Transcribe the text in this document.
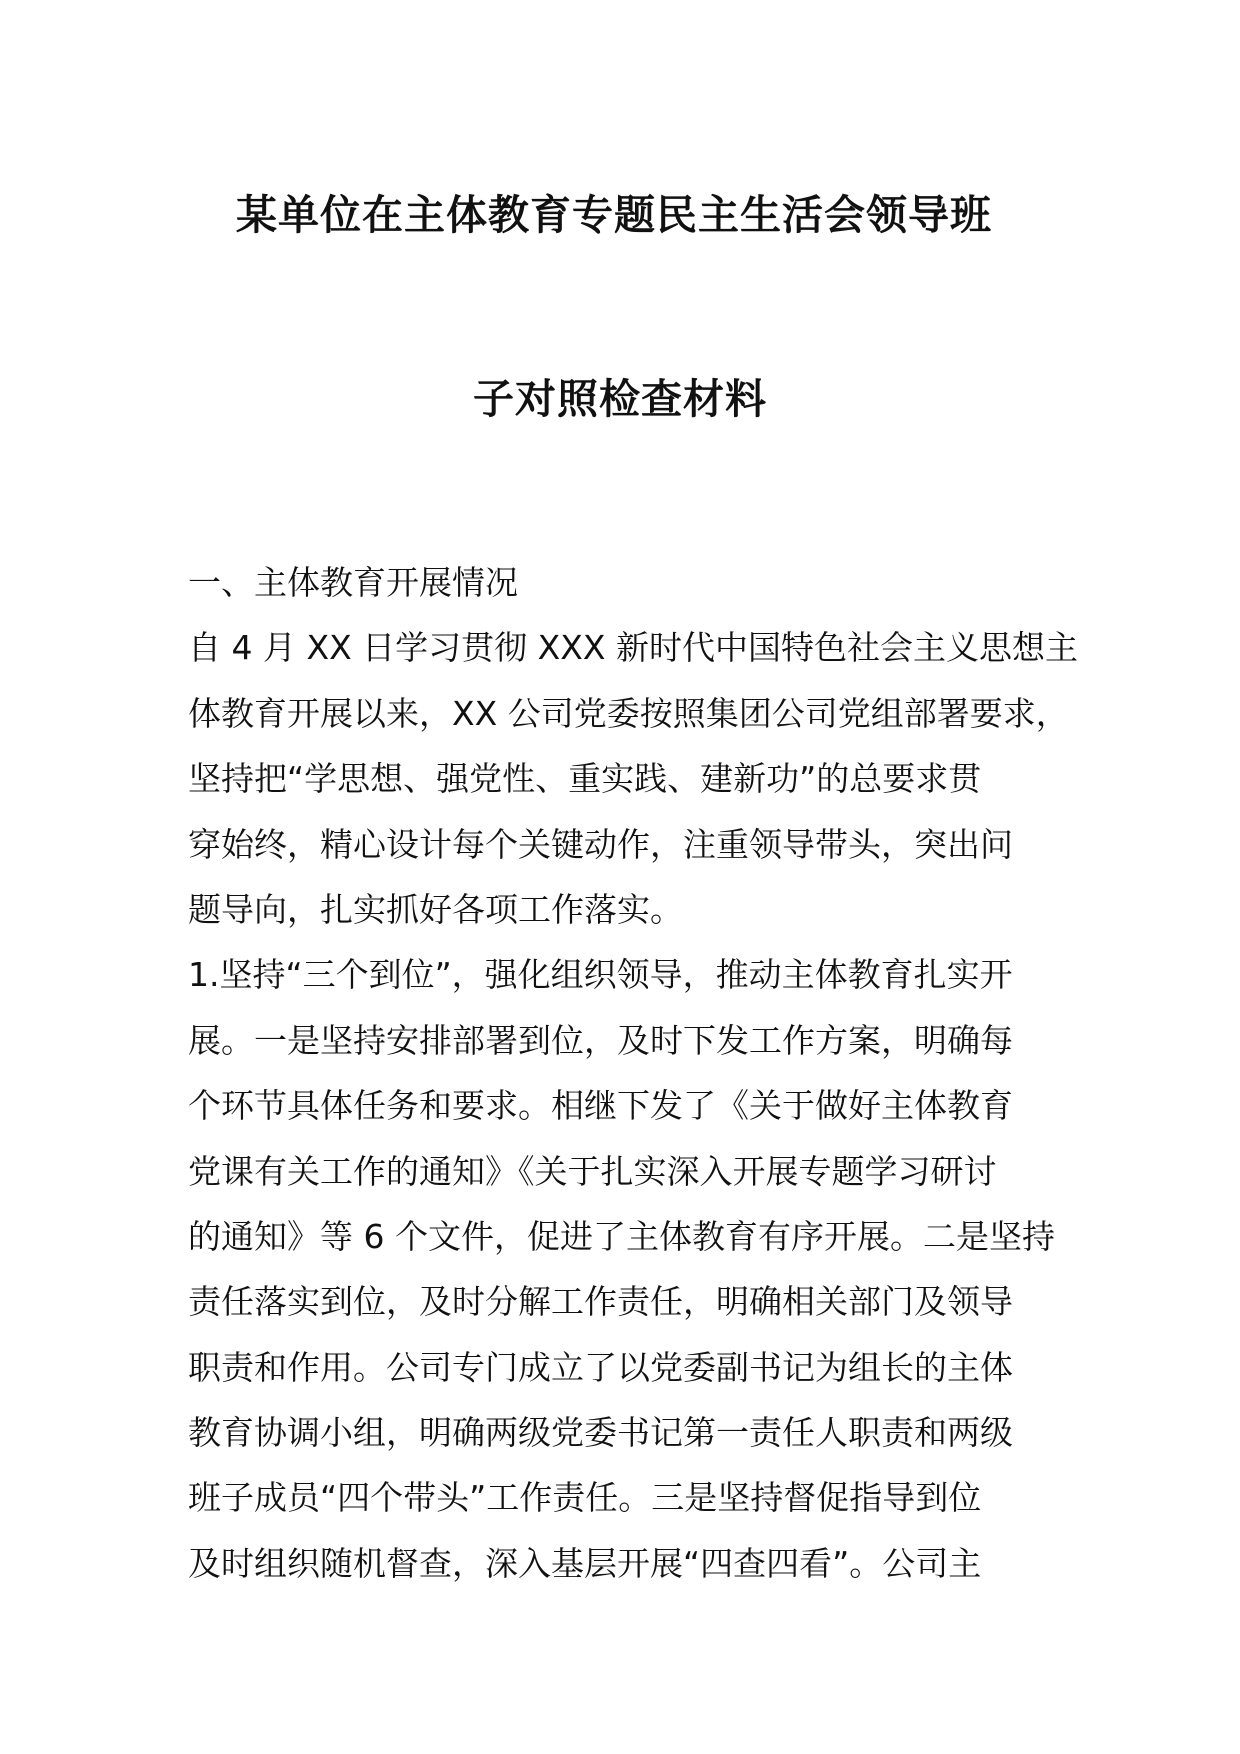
某单位在主体教育专题民主生活会领导班
子对照检查材料
一、主体教育开展情况
自 4 月 XX 日学习贯彻 XXX 新时代中国特色社会主义思想主
体教育开展以来，XX 公司党委按照集团公司党组部署要求，
坚持把“学思想、强党性、重实践、建新功”的总要求贯
穿始终，精心设计每个关键动作，注重领导带头，突出问
题导向，扎实抓好各项工作落实。
1.坚持“三个到位”，强化组织领导，推动主体教育扎实开
展。一是坚持安排部署到位，及时下发工作方案，明确每
个环节具体任务和要求。相继下发了《关于做好主体教育
党课有关工作的通知》《关于扎实深入开展专题学习研讨
的通知》等 6 个文件，促进了主体教育有序开展。二是坚持
责任落实到位，及时分解工作责任，明确相关部门及领导
职责和作用。公司专门成立了以党委副书记为组长的主体
教育协调小组，明确两级党委书记第一责任人职责和两级
班子成员“四个带头”工作责任。三是坚持督促指导到位
及时组织随机督查，深入基层开展“四查四看”。公司主
